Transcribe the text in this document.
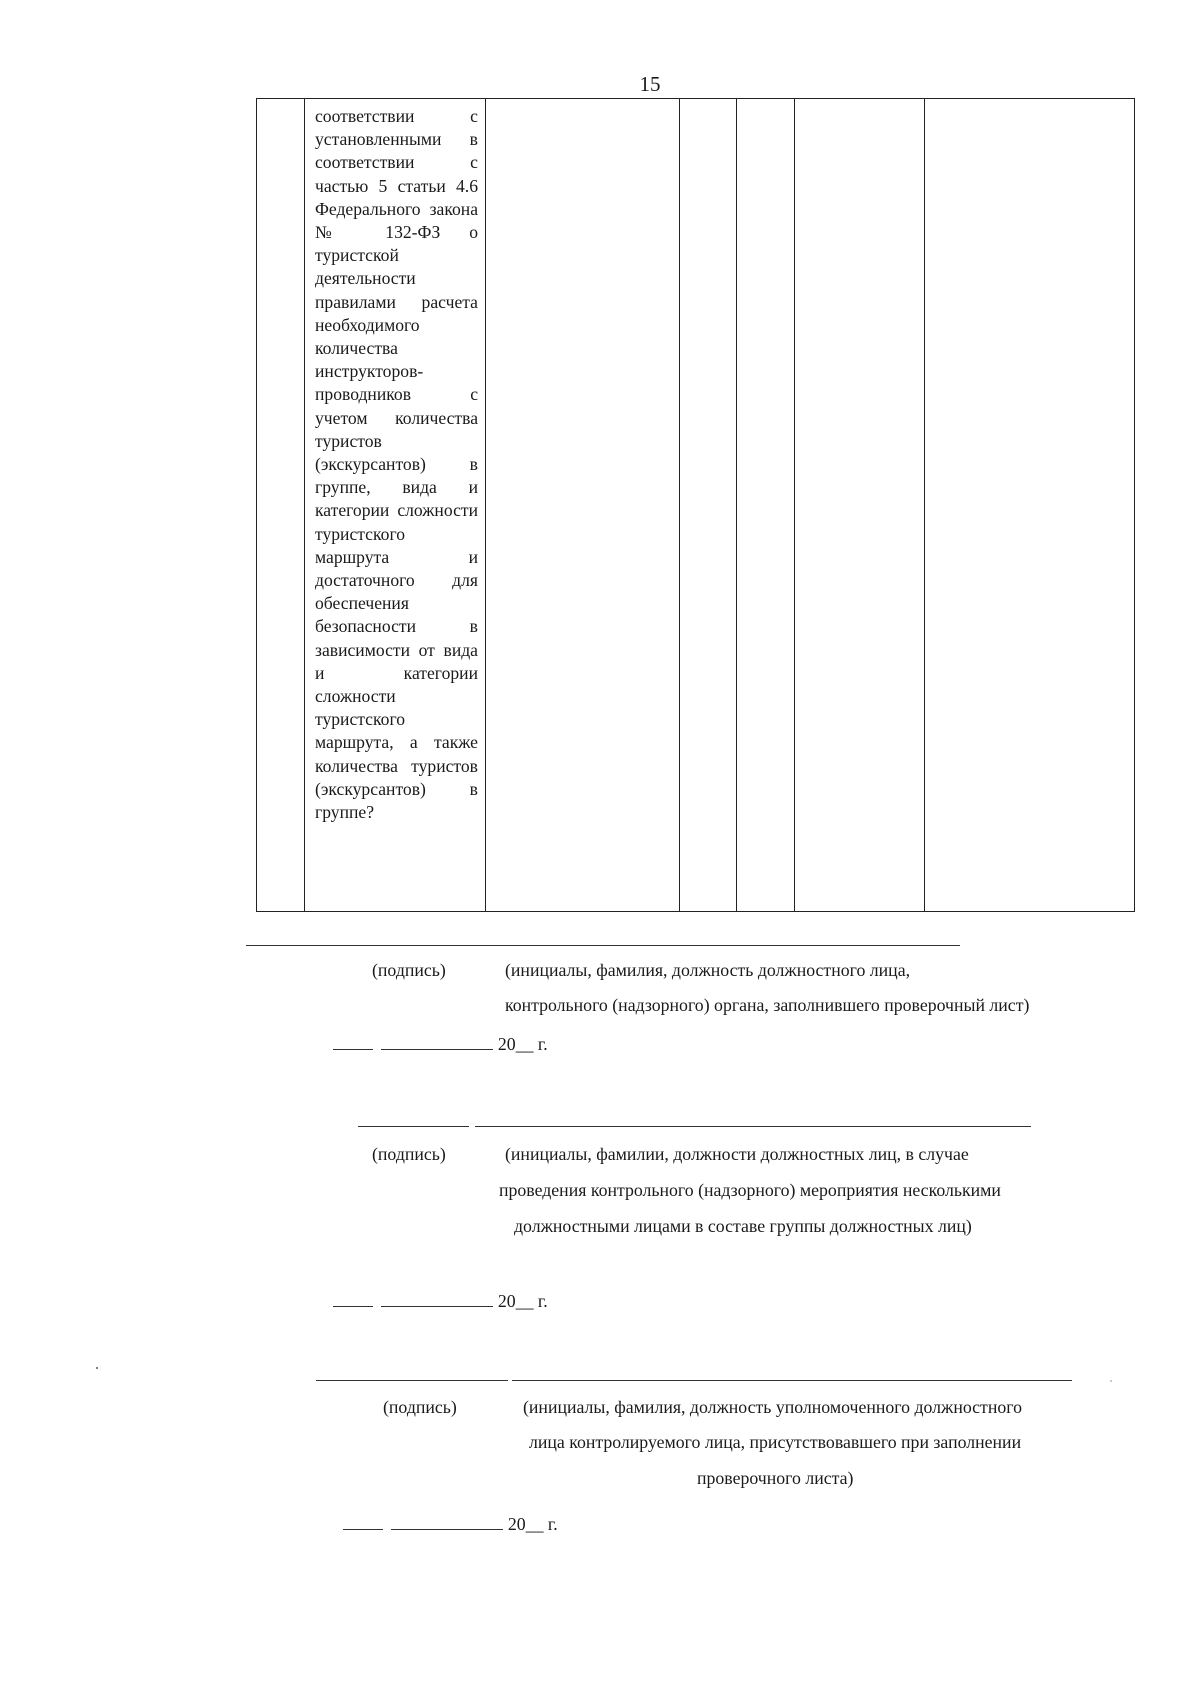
15

соответствии с установленными в соответствии с частью 5 статьи 4.6 Федерального закона № 132-ФЗ о туристской деятельности правилами расчета необходимого количества инструкторов-проводников с учетом количества туристов (экскурсантов) в группе, вида и категории сложности туристского маршрута и достаточного для обеспечения безопасности в зависимости от вида и категории сложности туристского маршрута, а также количества туристов (экскурсантов) в группе?

(подпись)	(инициалы, фамилия, должность должностного лица,
контрольного (надзорного) органа, заполнившего проверочный лист)
20__ г.
(подпись)	(инициалы, фамилии, должности должностных лиц, в случае
проведения контрольного (надзорного) мероприятия несколькими
должностными лицами в составе группы должностных лиц)
20__ г.
(подпись)	(инициалы, фамилия, должность уполномоченного должностного
лица контролируемого лица, присутствовавшего при заполнении
проверочного листа)
20__ г.
